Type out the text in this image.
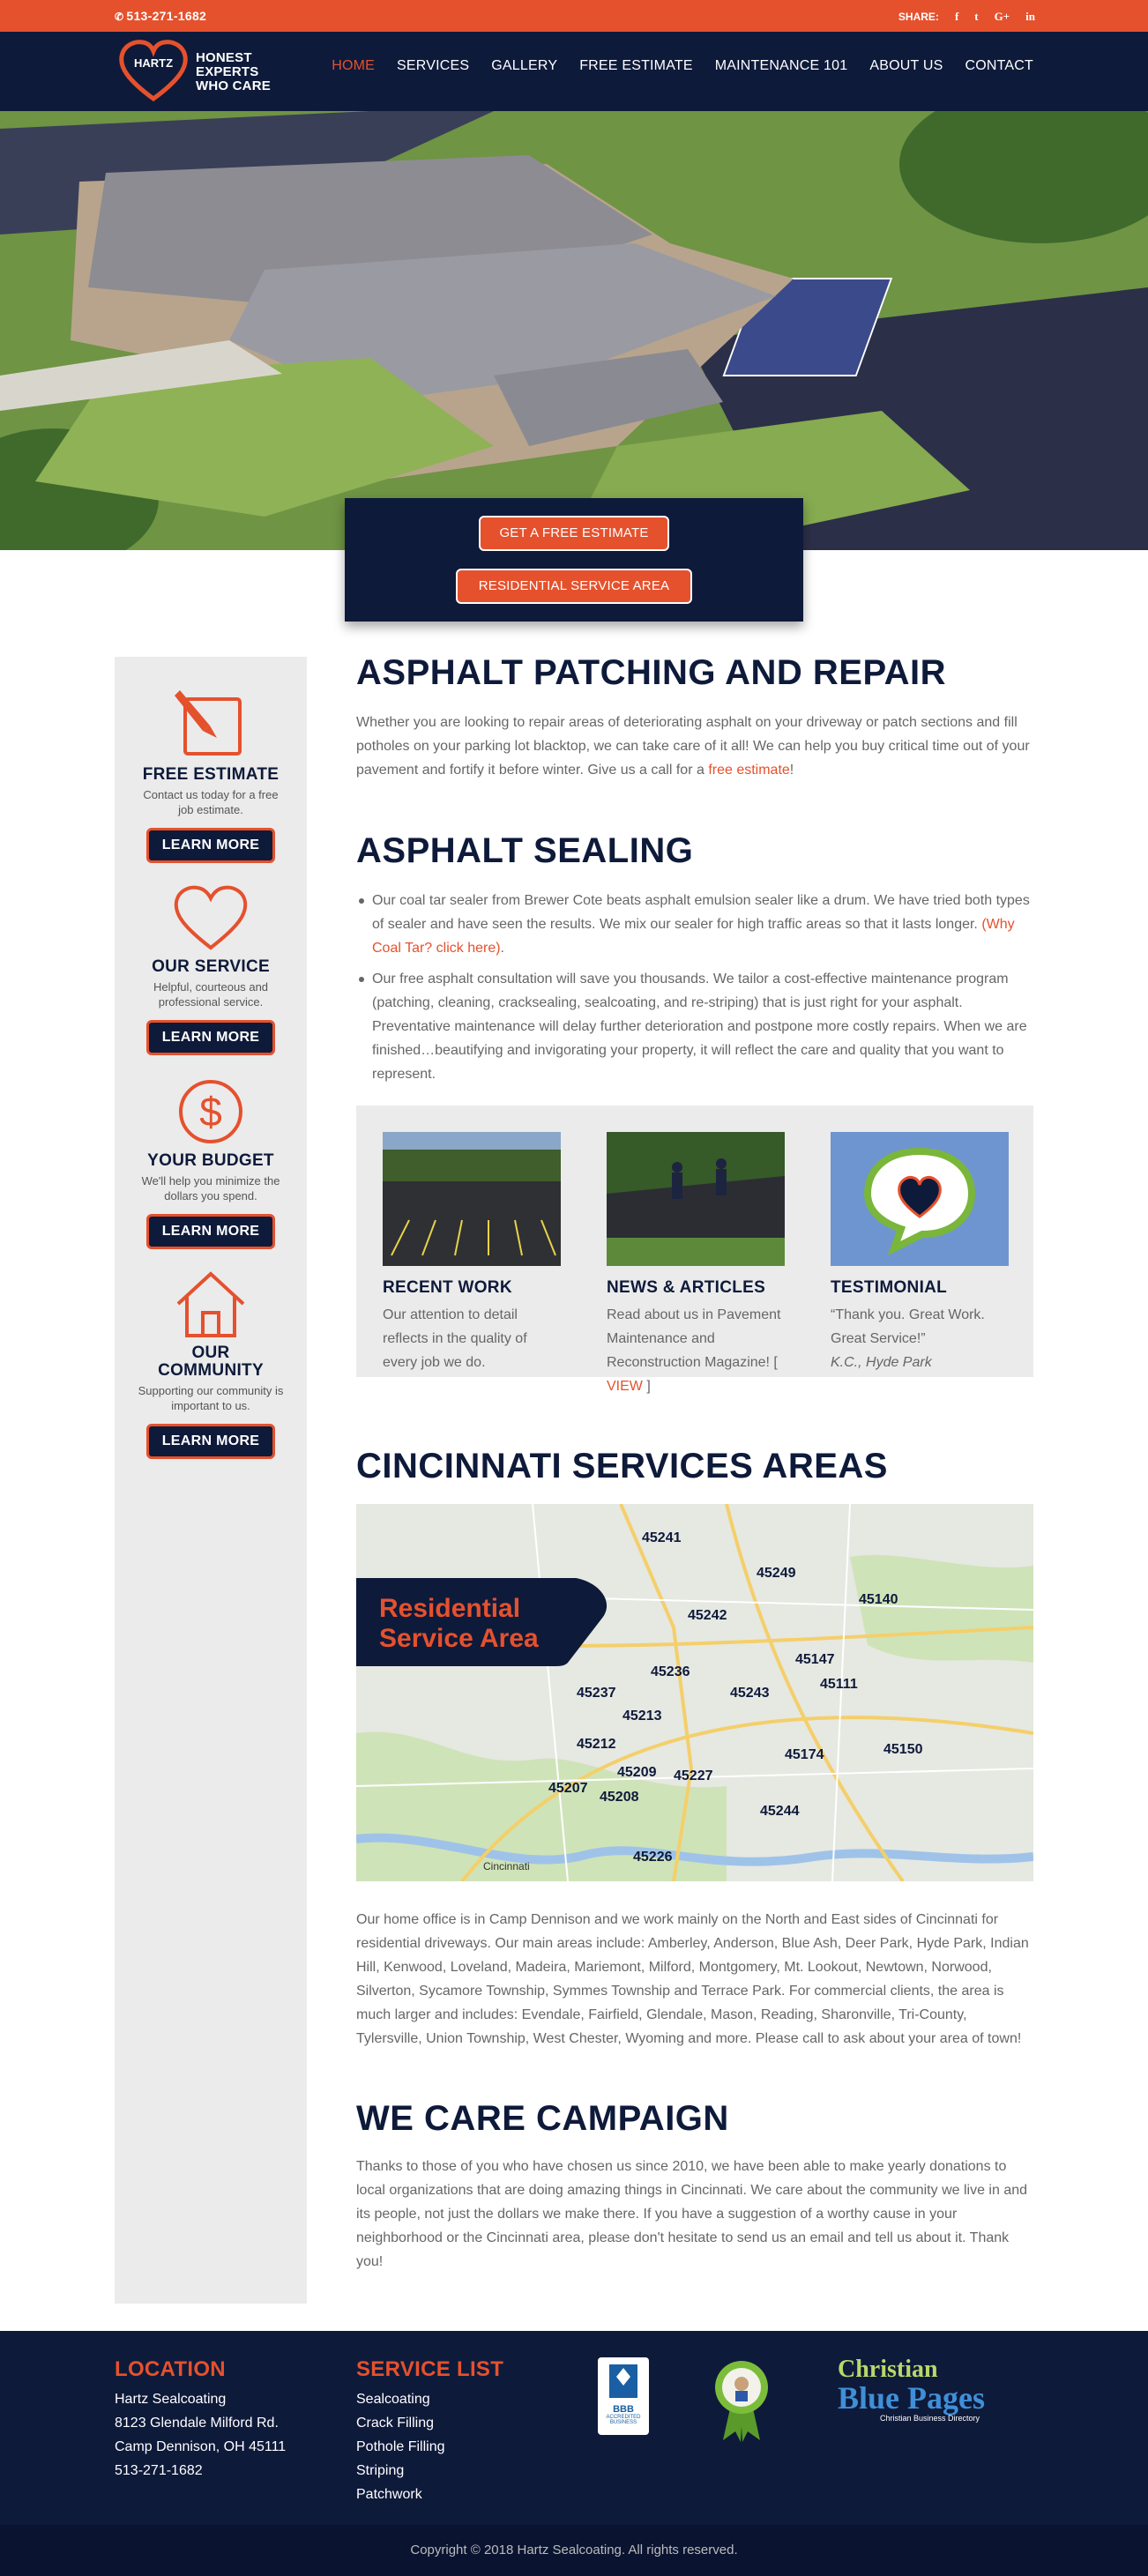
✆ 513-271-1682	SHARE: f t G+ in
HARTZ	HONEST
EXPERTS
WHO CARE
HOME SERVICES GALLERY FREE ESTIMATE MAINTENANCE 101 ABOUT US CONTACT
GET A FREE ESTIMATE
RESIDENTIAL SERVICE AREA
FREE ESTIMATE
Contact us today for a free job estimate.
LEARN MORE
OUR SERVICE
Helpful, courteous and professional service.
LEARN MORE
$
YOUR BUDGET
We'll help you minimize the dollars you spend.
LEARN MORE
OUR COMMUNITY
Supporting our community is important to us.
LEARN MORE
ASPHALT PATCHING AND REPAIR

Whether you are looking to repair areas of deteriorating asphalt on your driveway or patch sections and fill potholes on your parking lot blacktop, we can take care of it all! We can help you buy critical time out of your pavement and fortify it before winter. Give us a call for a free estimate!

ASPHALT SEALING
Our coal tar sealer from Brewer Cote beats asphalt emulsion sealer like a drum. We have tried both types of sealer and have seen the results. We mix our sealer for high traffic areas so that it lasts longer. (Why Coal Tar? click here).
Our free asphalt consultation will save you thousands. We tailor a cost-effective maintenance program (patching, cleaning, cracksealing, sealcoating, and re-striping) that is just right for your asphalt. Preventative maintenance will delay further deterioration and postpone more costly repairs. When we are finished…beautifying and invigorating your property, it will reflect the care and quality that you want to represent.
RECENT WORK
Our attention to detail reflects in the quality of every job we do.
NEWS & ARTICLES
Read about us in Pavement Maintenance and Reconstruction Magazine! [ VIEW ]
TESTIMONIAL
“Thank you. Great Work. Great Service!”
K.C., Hyde Park
CINCINNATI SERVICES AREAS
Residential
Service Area
45241
45249
45140
45242
45147
45236
45111
45237	45243
45213
45212
45174	45150
45209 45227
45207
45208
45244
45226
Cincinnati

Our home office is in Camp Dennison and we work mainly on the North and East sides of Cincinnati for residential driveways. Our main areas include: Amberley, Anderson, Blue Ash, Deer Park, Hyde Park, Indian Hill, Kenwood, Loveland, Madeira, Mariemont, Milford, Montgomery, Mt. Lookout, Newtown, Norwood, Silverton, Sycamore Township, Symmes Township and Terrace Park. For commercial clients, the area is much larger and includes: Evendale, Fairfield, Glendale, Mason, Reading, Sharonville, Tri-County, Tylersville, Union Township, West Chester, Wyoming and more. Please call to ask about your area of town!

WE CARE CAMPAIGN

Thanks to those of you who have chosen us since 2010, we have been able to make yearly donations to local organizations that are doing amazing things in Cincinnati. We care about the community we live in and its people, not just the dollars we make there. If you have a suggestion of a worthy cause in your neighborhood or the Cincinnati area, please don't hesitate to send us an email and tell us about it. Thank you!

LOCATION
Hartz Sealcoating
8123 Glendale Milford Rd.
Camp Dennison, OH 45111
513-271-1682
SERVICE LIST
Sealcoating
Crack Filling
Pothole Filling
Striping
Patchwork
BBB
ACCREDITED
BUSINESS
Christian
Blue Pages
Christian Business Directory
Copyright © 2018 Hartz Sealcoating. All rights reserved.
